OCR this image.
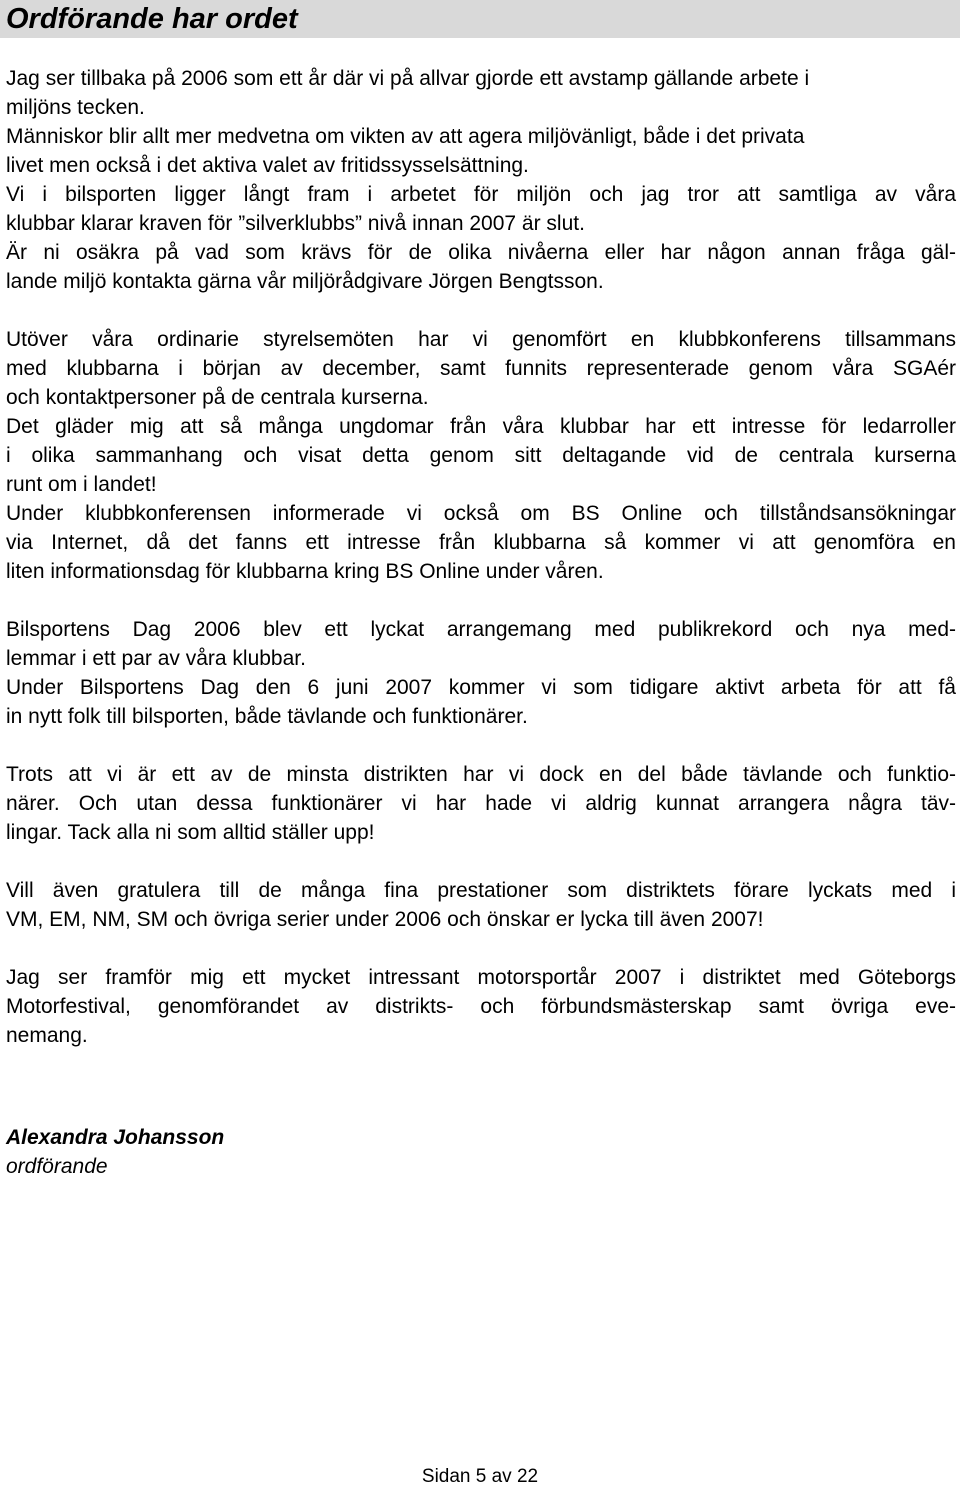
Ordförande har ordet
Jag ser tillbaka på 2006 som ett år där vi på allvar gjorde ett avstamp gällande arbete i
miljöns tecken.
Människor blir allt mer medvetna om vikten av att agera miljövänligt, både i det privata
livet men också i det aktiva valet av fritidssysselsättning.
Vi i bilsporten ligger långt fram i arbetet för miljön och jag tror att samtliga av våra
klubbar klarar kraven för ”silverklubbs” nivå innan 2007 är slut.
Är ni osäkra på vad som krävs för de olika nivåerna eller har någon annan fråga gäl-
lande miljö kontakta gärna vår miljörådgivare Jörgen Bengtsson.
Utöver våra ordinarie styrelsemöten har vi genomfört en klubbkonferens tillsammans
med klubbarna i början av december, samt funnits representerade genom våra SGAér
och kontaktpersoner på de centrala kurserna.
Det gläder mig att så många ungdomar från våra klubbar har ett intresse för ledarroller
i olika sammanhang och visat detta genom sitt deltagande vid de centrala kurserna
runt om i landet!
Under klubbkonferensen informerade vi också om BS Online och tillståndsansökningar
via Internet, då det fanns ett intresse från klubbarna så kommer vi att genomföra en
liten informationsdag för klubbarna kring BS Online under våren.
Bilsportens Dag 2006 blev ett lyckat arrangemang med publikrekord och nya med-
lemmar i ett par av våra klubbar.
Under Bilsportens Dag den 6 juni 2007 kommer vi som tidigare aktivt arbeta för att få
in nytt folk till bilsporten, både tävlande och funktionärer.
Trots att vi är ett av de minsta distrikten har vi dock en del både tävlande och funktio-
närer. Och utan dessa funktionärer vi har hade vi aldrig kunnat arrangera några täv-
lingar. Tack alla ni som alltid ställer upp!
Vill även gratulera till de många fina prestationer som distriktets förare lyckats med i
VM, EM, NM, SM och övriga serier under 2006 och önskar er lycka till även 2007!
Jag ser framför mig ett mycket intressant motorsportår 2007 i distriktet med Göteborgs
Motorfestival, genomförandet av distrikts- och förbundsmästerskap samt övriga eve-
nemang.
Alexandra Johansson
ordförande
Sidan 5 av 22
